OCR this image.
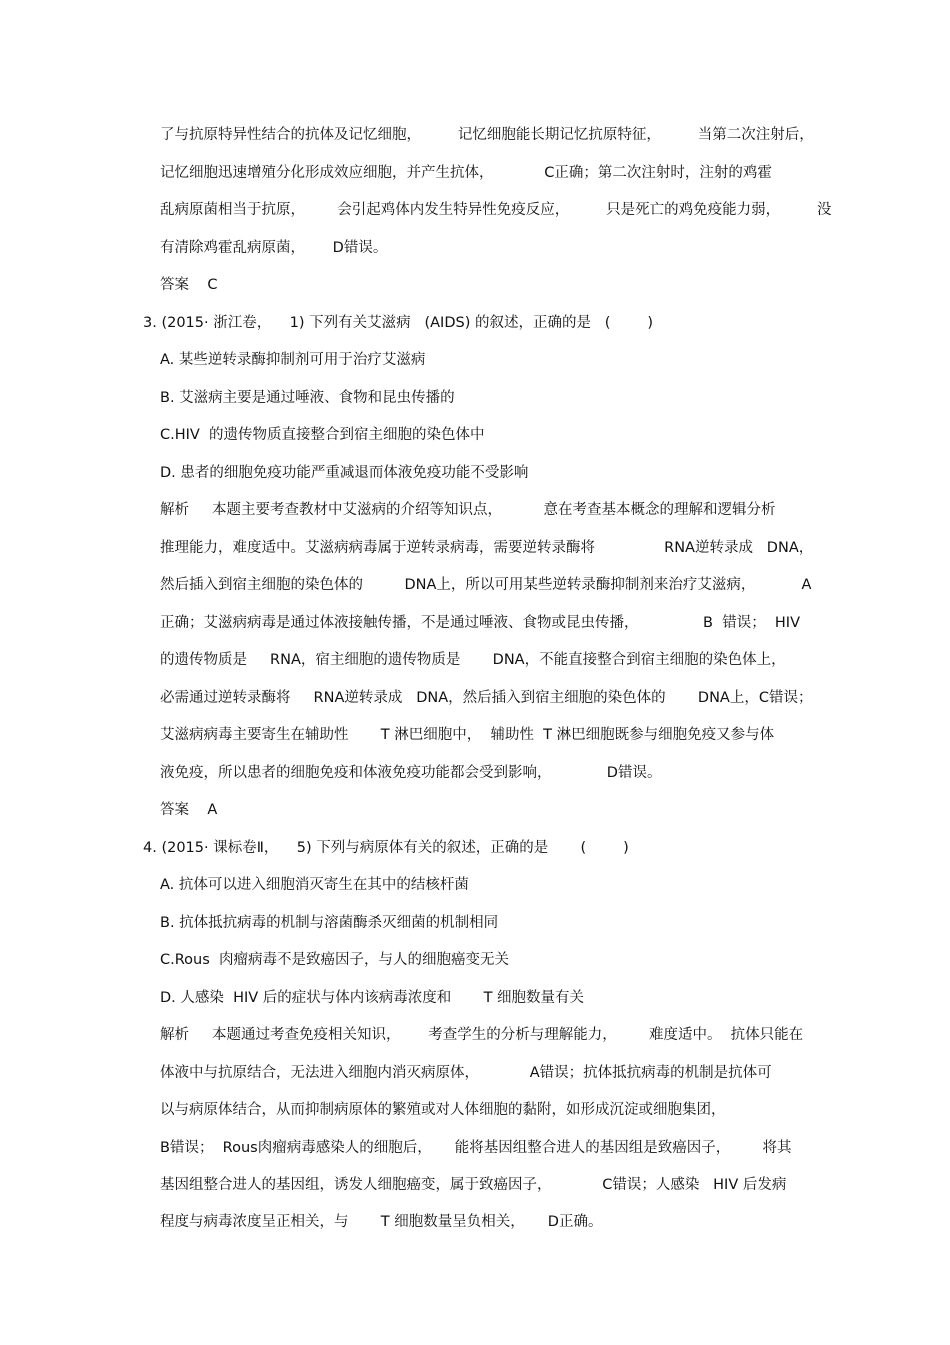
了与抗原特异性结合的抗体及记忆细胞，        记忆细胞能长期记忆抗原特征，        当第二次注射后，
记忆细胞迅速增殖分化形成效应细胞，并产生抗体，           C正确；第二次注射时，注射的鸡霍
乱病原菌相当于抗原，       会引起鸡体内发生特异性免疫反应，        只是死亡的鸡免疫能力弱，        没
有清除鸡霍乱病原菌，      D错误。
答案    C
3. (2015· 浙江卷，    1) 下列有关艾滋病   (AIDS) 的叙述，正确的是   (        )
A. 某些逆转录酶抑制剂可用于治疗艾滋病
B. 艾滋病主要是通过唾液、食物和昆虫传播的
C.HIV  的遗传物质直接整合到宿主细胞的染色体中
D. 患者的细胞免疫功能严重减退而体液免疫功能不受影响
解析     本题主要考查教材中艾滋病的介绍等知识点，         意在考查基本概念的理解和逻辑分析
推理能力，难度适中。艾滋病病毒属于逆转录病毒，需要逆转录酶将               RNA逆转录成   DNA，
然后插入到宿主细胞的染色体的         DNA上，所以可用某些逆转录酶抑制剂来治疗艾滋病，          A
正确；艾滋病病毒是通过体液接触传播，不是通过唾液、食物或昆虫传播，              B  错误；  HIV
的遗传物质是     RNA，宿主细胞的遗传物质是       DNA，不能直接整合到宿主细胞的染色体上，
必需通过逆转录酶将     RNA逆转录成   DNA，然后插入到宿主细胞的染色体的       DNA上，C错误；
艾滋病病毒主要寄生在辅助性       T 淋巴细胞中，  辅助性  T 淋巴细胞既参与细胞免疫又参与体
液免疫，所以患者的细胞免疫和体液免疫功能都会受到影响，            D错误。
答案    A
4. (2015· 课标卷Ⅱ，    5) 下列与病原体有关的叙述，正确的是       (        )
A. 抗体可以进入细胞消灭寄生在其中的结核杆菌
B. 抗体抵抗病毒的机制与溶菌酶杀灭细菌的机制相同
C.Rous  肉瘤病毒不是致癌因子，与人的细胞癌变无关
D. 人感染  HIV 后的症状与体内该病毒浓度和       T 细胞数量有关
解析     本题通过考查免疫相关知识，      考查学生的分析与理解能力，       难度适中。  抗体只能在
体液中与抗原结合，无法进入细胞内消灭病原体，           A错误；抗体抵抗病毒的机制是抗体可
以与病原体结合，从而抑制病原体的繁殖或对人体细胞的黏附，如形成沉淀或细胞集团，
B错误；  Rous肉瘤病毒感染人的细胞后，     能将基因组整合进人的基因组是致癌因子，       将其
基因组整合进人的基因组，诱发人细胞癌变，属于致癌因子，           C错误；人感染   HIV 后发病
程度与病毒浓度呈正相关，与       T 细胞数量呈负相关，     D正确。
